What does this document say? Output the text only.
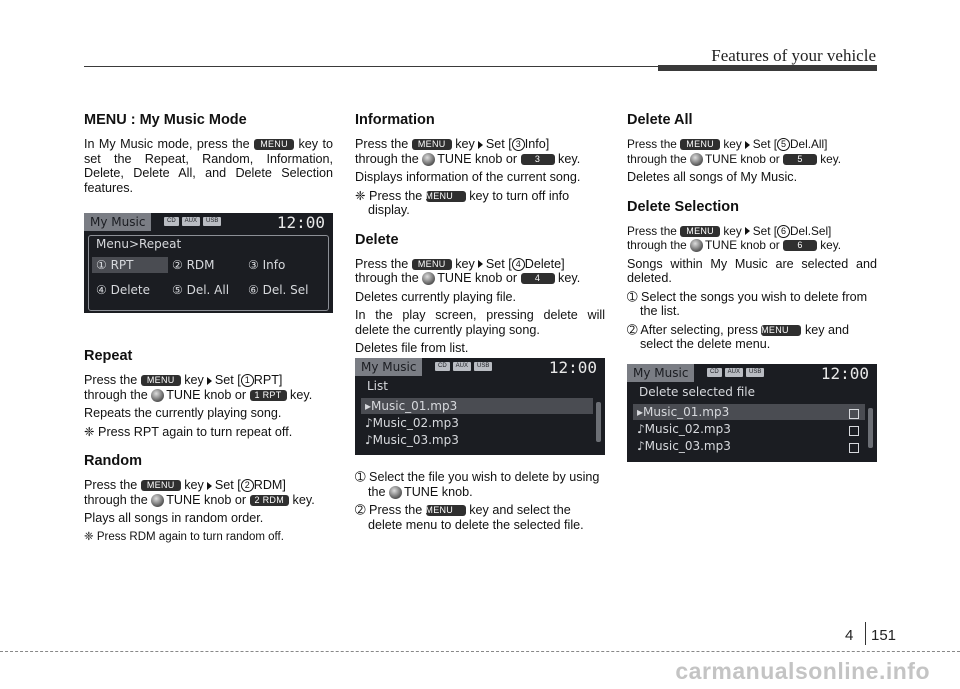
Features of your vehicle
MENU : My Music Mode

In My Music mode, press the MENU key to set the Repeat, Random, Information, Delete, Delete All, and Delete Selection features.

My Music	CD	AUX	USB	12:00
Menu>Repeat
① RPT	② RDM	③ Info
④ Delete ⑤ Del. All ⑥ Del. Sel
Repeat

Press the MENU key Set [ 1 RPT]
through the TUNE knob or 1 RPT key.

Repeats the currently playing song.

❈ Press RPT again to turn repeat off.

Random

Press the MENU key Set [ 2 RDM]
through the TUNE knob or 2 RDM key.

Plays all songs in random order.

❈ Press RDM again to turn random off.

Information

Press the MENU key Set [ 3 Info]
through the TUNE knob or 3 key.

Displays information of the current song.

❈ Press the MENU key to turn off info display.

Delete

Press the MENU key Set [ 4 Delete]
through the TUNE knob or 4 key.

Deletes currently playing file.

In the play screen, pressing delete will delete the currently playing song.

Deletes file from list.

My Music	CD	AUX	USB	12:00
List
▸Music_01.mp3
♪Music_02.mp3
♪Music_03.mp3

➀ Select the file you wish to delete by using the TUNE knob.

➁ Press the MENU key and select the delete menu to delete the selected file.

Delete All

Press the MENU key Set [ 5 Del.All]
through the TUNE knob or 5 key.

Deletes all songs of My Music.

Delete Selection

Press the MENU key Set [ 6 Del.Sel]
through the TUNE knob or 6 key.

Songs within My Music are selected and deleted.

➀ Select the songs you wish to delete from the list.

➁ After selecting, press MENU key and select the delete menu.

My Music	CD	AUX	USB	12:00
Delete selected file
▸Music_01.mp3
♪Music_02.mp3
♪Music_03.mp3
4 151
carmanualsonline.info
